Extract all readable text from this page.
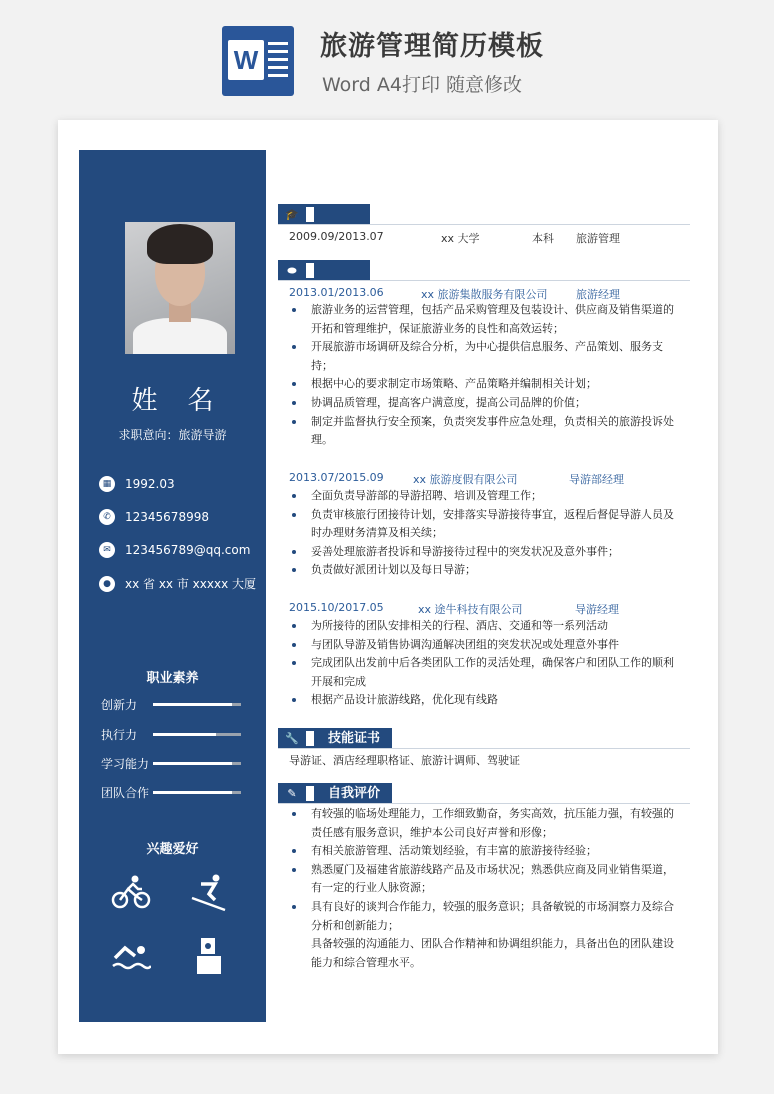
W 旅游管理简历模板
Word A4打印 随意修改
姓名
求职意向：旅游导游
▦	1992.03
✆	12345678998
✉	123456789@qq.com
●	xx 省 xx 市 xxxxx 大厦
职业素养
创新力
执行力
学习能力
团队合作
兴趣爱好
🎓
2009.09/2013.07	xx 大学	本科 旅游管理
⬬
2013.01/2013.06	xx 旅游集散服务有限公司	旅游经理
旅游业务的运营管理，包括产品采购管理及包装设计、供应商及销售渠道的开拓和管理维护，保证旅游业务的良性和高效运转；
开展旅游市场调研及综合分析，为中心提供信息服务、产品策划、服务支持；
根据中心的要求制定市场策略、产品策略并编制相关计划；
协调品质管理，提高客户满意度，提高公司品牌的价值；
制定并监督执行安全预案，负责突发事件应急处理，负责相关的旅游投诉处理。
2013.07/2015.09	xx 旅游度假有限公司	导游部经理
全面负责导游部的导游招聘、培训及管理工作；
负责审核旅行团接待计划，安排落实导游接待事宜，返程后督促导游人员及时办理财务清算及相关续；
妥善处理旅游者投诉和导游接待过程中的突发状况及意外事件；
负责做好派团计划以及每日导游；
2015.10/2017.05	xx 途牛科技有限公司	导游经理
为所接待的团队安排相关的行程、酒店、交通和等一系列活动
与团队导游及销售协调沟通解决团组的突发状况或处理意外事件
完成团队出发前中后各类团队工作的灵活处理，确保客户和团队工作的顺利开展和完成
根据产品设计旅游线路，优化现有线路
🔧	技能证书
导游证、酒店经理职格证、旅游计调师、驾驶证
✎	自我评价
有较强的临场处理能力，工作细致勤奋，务实高效，抗压能力强，有较强的责任感有服务意识，维护本公司良好声誉和形像；
有相关旅游管理、活动策划经验，有丰富的旅游接待经验；
熟悉厦门及福建省旅游线路产品及市场状况；熟悉供应商及同业销售渠道，有一定的行业人脉资源；
具有良好的谈判合作能力，较强的服务意识；具备敏锐的市场洞察力及综合分析和创新能力；
具备较强的沟通能力、团队合作精神和协调组织能力，具备出色的团队建设能力和综合管理水平。
